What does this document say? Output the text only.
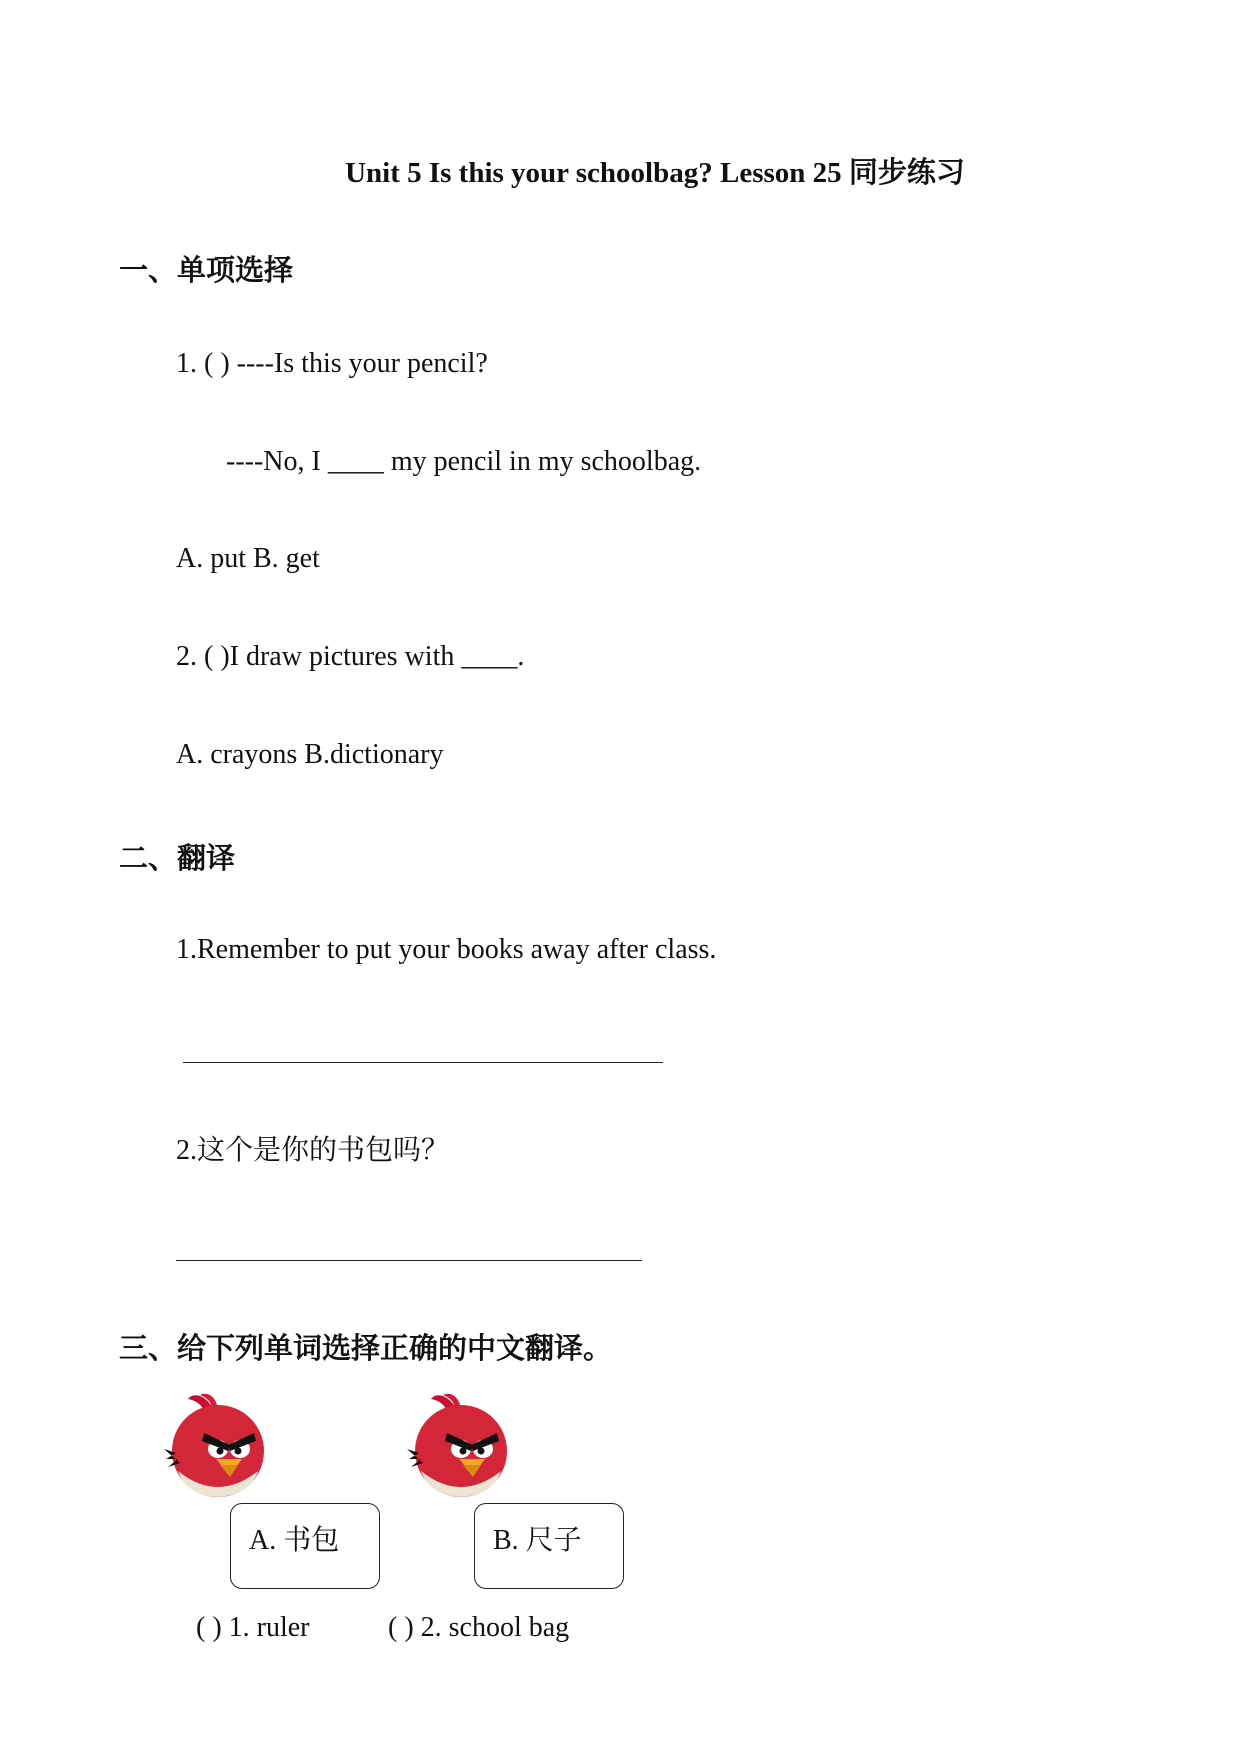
Unit 5 Is this your schoolbag? Lesson 25 同步练习
一、单项选择
1. ( ) ----Is this your pencil?
----No, I ____ my pencil in my schoolbag.
A. put B. get
2. ( )I draw pictures with ____.
A. crayons B.dictionary
二、翻译
1.Remember to put your books away after class.
2.这个是你的书包吗？
三、给下列单词选择正确的中文翻译。
A. 书包	B. 尺子
( ) 1. ruler	( ) 2. school bag
